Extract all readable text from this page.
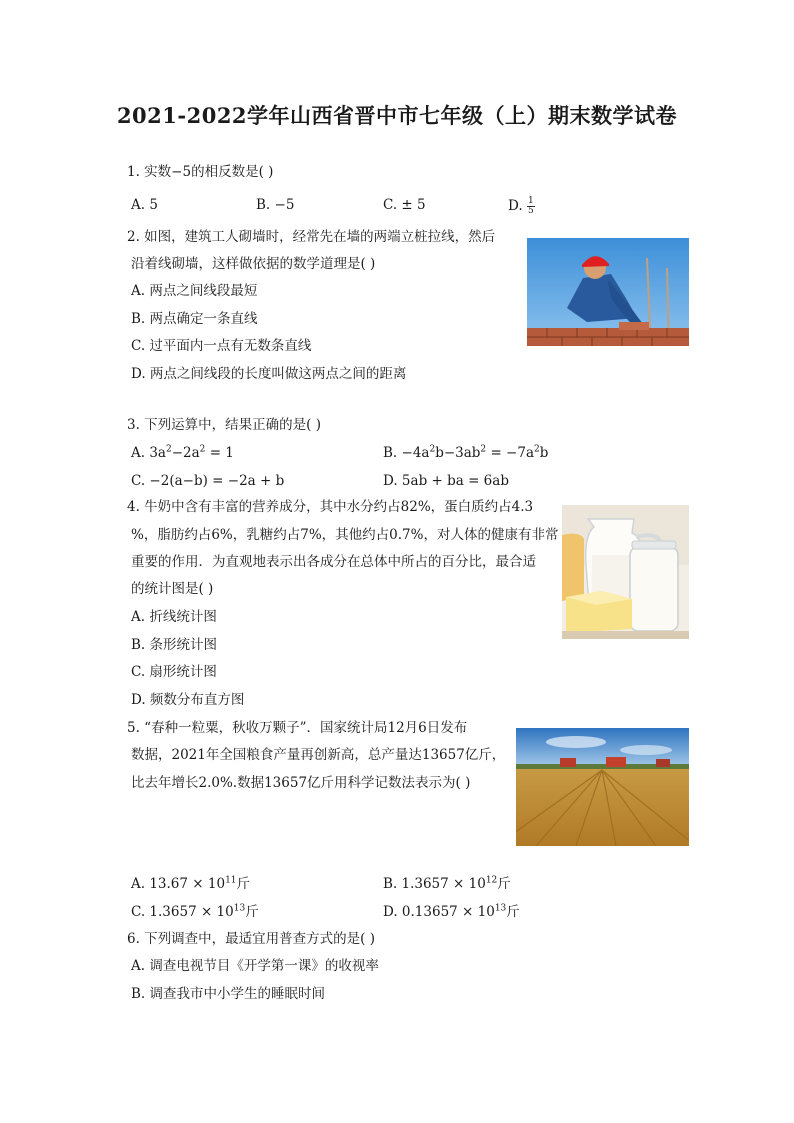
2021-2022学年山西省晋中市七年级（上）期末数学试卷
1. 实数−5的相反数是( )
A. 5	B. −5	C. ± 5	D. $\frac{1}{5}$
2. 如图，建筑工人砌墙时，经常先在墙的两端立桩拉线，然后
沿着线砌墙，这样做依据的数学道理是( )
A. 两点之间线段最短
B. 两点确定一条直线
C. 过平面内一点有无数条直线
D. 两点之间线段的长度叫做这两点之间的距离
3. 下列运算中，结果正确的是( )
A. $3a^2-2a^2 = 1$	B. $-4a^2b-3ab^2 = -7a^2b$
C. −2(a−b) = −2a + b	D. 5ab + ba = 6ab
4. 牛奶中含有丰富的营养成分，其中水分约占82%，蛋白质约占4.3
%，脂肪约占6%，乳糖约占7%，其他约占0.7%，对人体的健康有非常
重要的作用．为直观地表示出各成分在总体中所占的百分比，最合适
的统计图是( )
A. 折线统计图
B. 条形统计图
C. 扇形统计图
D. 频数分布直方图
5. “春种一粒粟，秋收万颗子”．国家统计局12月6日发布
数据，2021年全国粮食产量再创新高，总产量达13657亿斤，
比去年增长2.0%.数据13657亿斤用科学记数法表示为( )
A. $13.67 \times 10^{11}$斤	B. $1.3657 \times 10^{12}$斤
C. $1.3657 \times 10^{13}$斤	D. $0.13657 \times 10^{13}$斤
6. 下列调查中，最适宜用普查方式的是( )
A. 调查电视节目《开学第一课》的收视率
B. 调查我市中小学生的睡眠时间
